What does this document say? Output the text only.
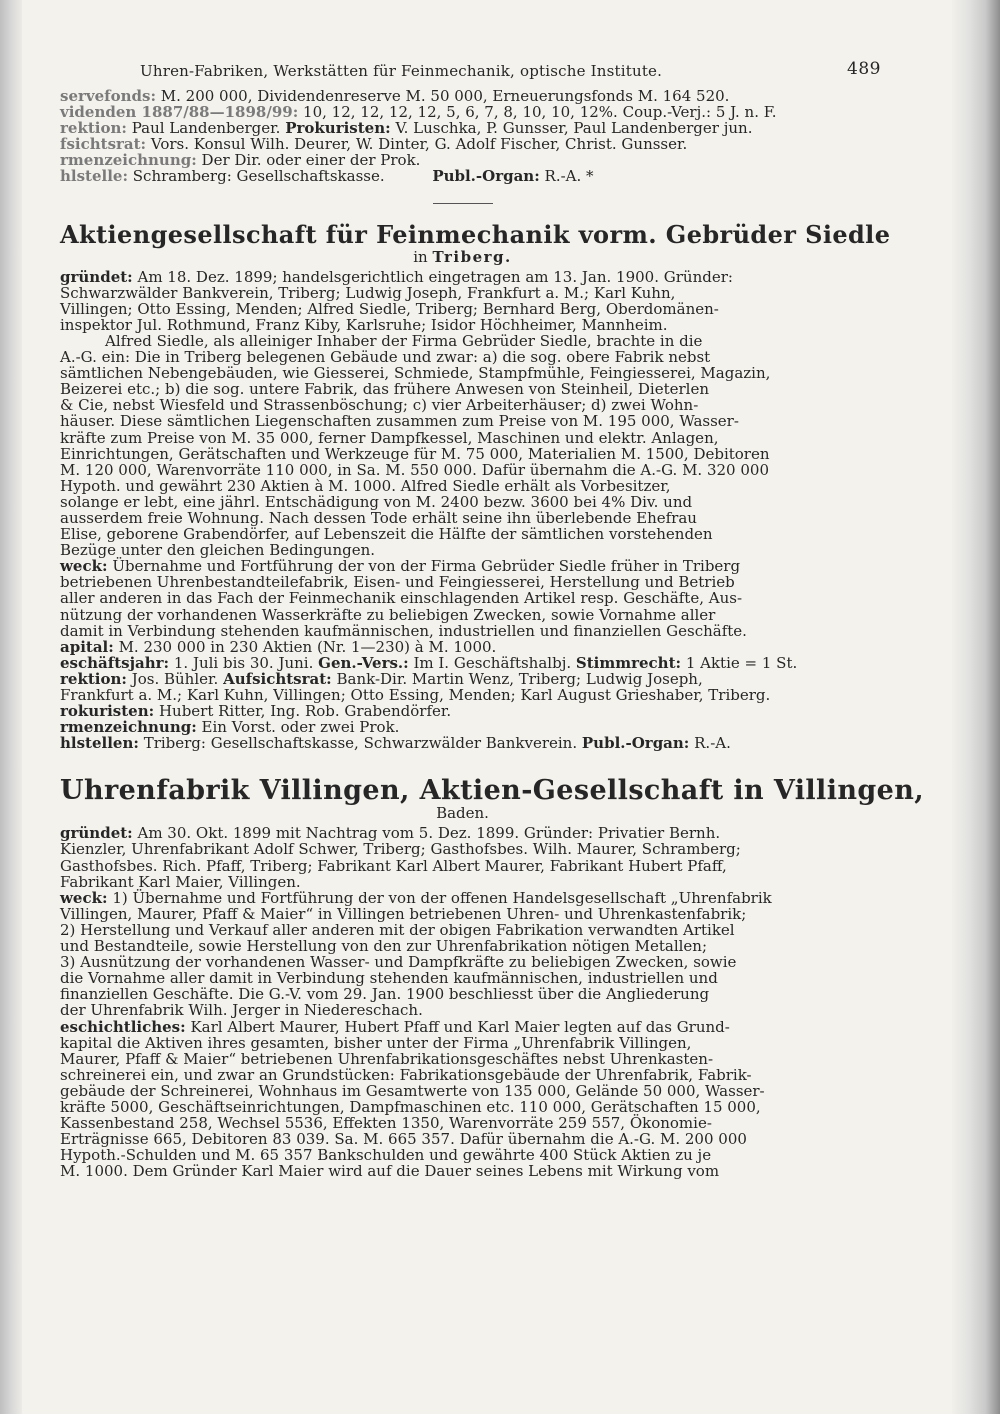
Uhren-Fabriken, Werkstätten für Feinmechanik, optische Institute.	489
servefonds: M. 200 000, Dividendenreserve M. 50 000, Erneuerungsfonds M. 164 520.
videnden 1887/88—1898/99: 10, 12, 12, 12, 12, 5, 6, 7, 8, 10, 10, 12%. Coup.-Verj.: 5 J. n. F.
rektion: Paul Landenberger. Prokuristen: V. Luschka, P. Gunsser, Paul Landenberger jun.
fsichtsrat: Vors. Konsul Wilh. Deurer, W. Dinter, G. Adolf Fischer, Christ. Gunsser.
rmenzeichnung: Der Dir. oder einer der Prok.
hlstelle: Schramberg: Gesellschaftskasse.	Publ.-Organ: R.-A. *
Aktiengesellschaft für Feinmechanik vorm. Gebrüder Siedle
in Triberg.
gründet: Am 18. Dez. 1899; handelsgerichtlich eingetragen am 13. Jan. 1900. Gründer:
Schwarzwälder Bankverein, Triberg; Ludwig Joseph, Frankfurt a. M.; Karl Kuhn,
Villingen; Otto Essing, Menden; Alfred Siedle, Triberg; Bernhard Berg, Oberdomänen-
inspektor Jul. Rothmund, Franz Kiby, Karlsruhe; Isidor Höchheimer, Mannheim.
Alfred Siedle, als alleiniger Inhaber der Firma Gebrüder Siedle, brachte in die
A.-G. ein: Die in Triberg belegenen Gebäude und zwar: a) die sog. obere Fabrik nebst
sämtlichen Nebengebäuden, wie Giesserei, Schmiede, Stampfmühle, Feingiesserei, Magazin,
Beizerei etc.; b) die sog. untere Fabrik, das frühere Anwesen von Steinheil, Dieterlen
& Cie, nebst Wiesfeld und Strassenböschung; c) vier Arbeiterhäuser; d) zwei Wohn-
häuser. Diese sämtlichen Liegenschaften zusammen zum Preise von M. 195 000, Wasser-
kräfte zum Preise von M. 35 000, ferner Dampfkessel, Maschinen und elektr. Anlagen,
Einrichtungen, Gerätschaften und Werkzeuge für M. 75 000, Materialien M. 1500, Debitoren
M. 120 000, Warenvorräte 110 000, in Sa. M. 550 000. Dafür übernahm die A.-G. M. 320 000
Hypoth. und gewährt 230 Aktien à M. 1000. Alfred Siedle erhält als Vorbesitzer,
solange er lebt, eine jährl. Entschädigung von M. 2400 bezw. 3600 bei 4% Div. und
ausserdem freie Wohnung. Nach dessen Tode erhält seine ihn überlebende Ehefrau
Elise, geborene Grabendörfer, auf Lebenszeit die Hälfte der sämtlichen vorstehenden
Bezüge unter den gleichen Bedingungen.
weck: Übernahme und Fortführung der von der Firma Gebrüder Siedle früher in Triberg
betriebenen Uhrenbestandteilefabrik, Eisen- und Feingiesserei, Herstellung und Betrieb
aller anderen in das Fach der Feinmechanik einschlagenden Artikel resp. Geschäfte, Aus-
nützung der vorhandenen Wasserkräfte zu beliebigen Zwecken, sowie Vornahme aller
damit in Verbindung stehenden kaufmännischen, industriellen und finanziellen Geschäfte.
apital: M. 230 000 in 230 Aktien (Nr. 1—230) à M. 1000.
eschäftsjahr: 1. Juli bis 30. Juni. Gen.-Vers.: Im I. Geschäftshalbj. Stimmrecht: 1 Aktie = 1 St.
rektion: Jos. Bühler. Aufsichtsrat: Bank-Dir. Martin Wenz, Triberg; Ludwig Joseph,
Frankfurt a. M.; Karl Kuhn, Villingen; Otto Essing, Menden; Karl August Grieshaber, Triberg.
rokuristen: Hubert Ritter, Ing. Rob. Grabendörfer.
rmenzeichnung: Ein Vorst. oder zwei Prok.
hlstellen: Triberg: Gesellschaftskasse, Schwarzwälder Bankverein. Publ.-Organ: R.-A.
Uhrenfabrik Villingen, Aktien-Gesellschaft in Villingen,
Baden.
gründet: Am 30. Okt. 1899 mit Nachtrag vom 5. Dez. 1899. Gründer: Privatier Bernh.
Kienzler, Uhrenfabrikant Adolf Schwer, Triberg; Gasthofsbes. Wilh. Maurer, Schramberg;
Gasthofsbes. Rich. Pfaff, Triberg; Fabrikant Karl Albert Maurer, Fabrikant Hubert Pfaff,
Fabrikant Karl Maier, Villingen.
weck: 1) Übernahme und Fortführung der von der offenen Handelsgesellschaft „Uhrenfabrik
Villingen, Maurer, Pfaff & Maier“ in Villingen betriebenen Uhren- und Uhrenkastenfabrik;
2) Herstellung und Verkauf aller anderen mit der obigen Fabrikation verwandten Artikel
und Bestandteile, sowie Herstellung von den zur Uhrenfabrikation nötigen Metallen;
3) Ausnützung der vorhandenen Wasser- und Dampfkräfte zu beliebigen Zwecken, sowie
die Vornahme aller damit in Verbindung stehenden kaufmännischen, industriellen und
finanziellen Geschäfte. Die G.-V. vom 29. Jan. 1900 beschliesst über die Angliederung
der Uhrenfabrik Wilh. Jerger in Niedereschach.
eschichtliches: Karl Albert Maurer, Hubert Pfaff und Karl Maier legten auf das Grund-
kapital die Aktiven ihres gesamten, bisher unter der Firma „Uhrenfabrik Villingen,
Maurer, Pfaff & Maier“ betriebenen Uhrenfabrikationsgeschäftes nebst Uhrenkasten-
schreinerei ein, und zwar an Grundstücken: Fabrikationsgebäude der Uhrenfabrik, Fabrik-
gebäude der Schreinerei, Wohnhaus im Gesamtwerte von 135 000, Gelände 50 000, Wasser-
kräfte 5000, Geschäftseinrichtungen, Dampfmaschinen etc. 110 000, Gerätschaften 15 000,
Kassenbestand 258, Wechsel 5536, Effekten 1350, Warenvorräte 259 557, Ökonomie-
Erträgnisse 665, Debitoren 83 039. Sa. M. 665 357. Dafür übernahm die A.-G. M. 200 000
Hypoth.-Schulden und M. 65 357 Bankschulden und gewährte 400 Stück Aktien zu je
M. 1000. Dem Gründer Karl Maier wird auf die Dauer seines Lebens mit Wirkung vom
